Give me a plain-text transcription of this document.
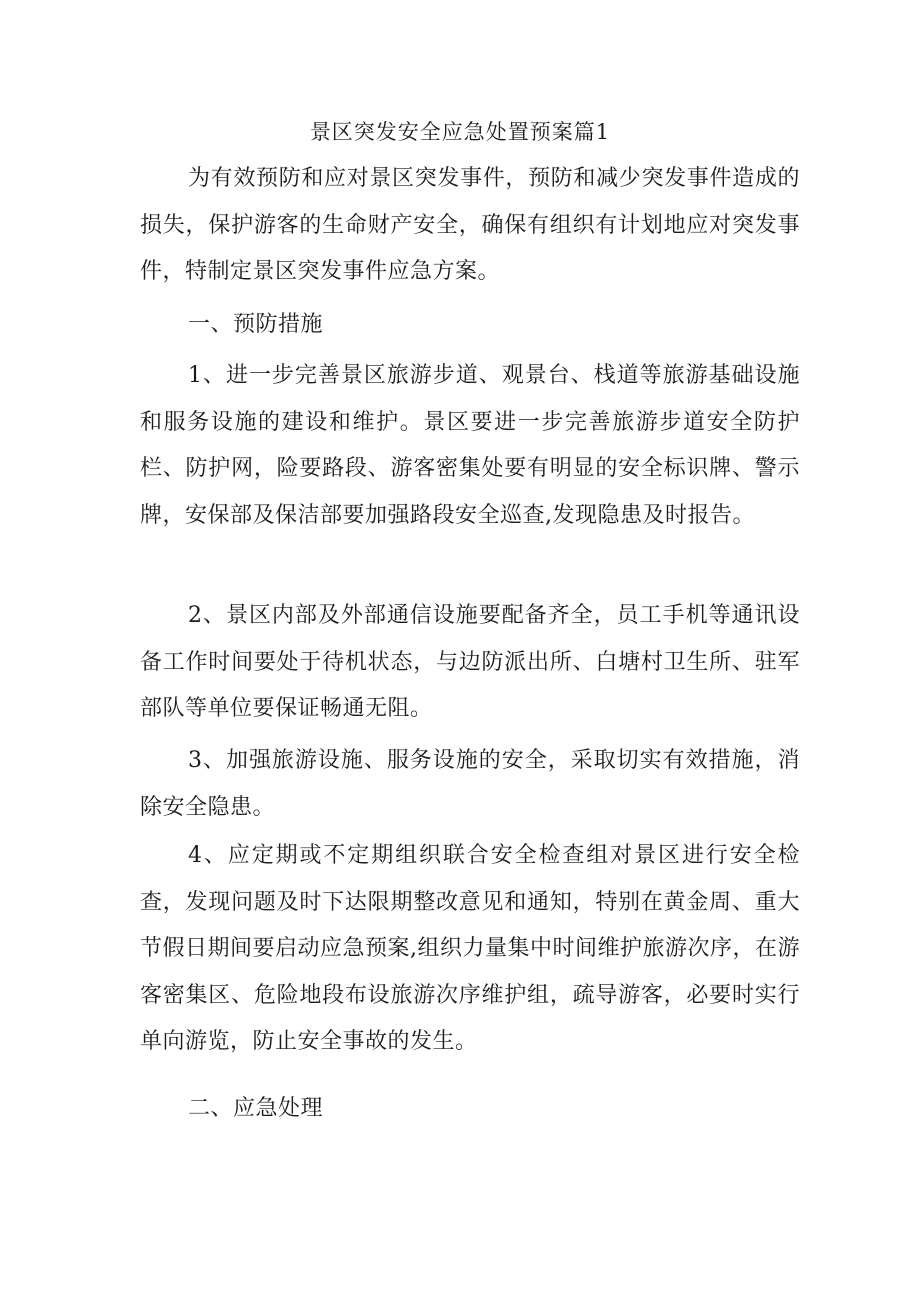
景区突发安全应急处置预案篇1
为有效预防和应对景区突发事件，预防和减少突发事件造成的损失，保护游客的生命财产安全，确保有组织有计划地应对突发事件，特制定景区突发事件应急方案。
一、预防措施
1、进一步完善景区旅游步道、观景台、栈道等旅游基础设施和服务设施的建设和维护。景区要进一步完善旅游步道安全防护栏、防护网，险要路段、游客密集处要有明显的安全标识牌、警示牌，安保部及保洁部要加强路段安全巡查,发现隐患及时报告。
2、景区内部及外部通信设施要配备齐全，员工手机等通讯设备工作时间要处于待机状态，与边防派出所、白塘村卫生所、驻军部队等单位要保证畅通无阻。
3、加强旅游设施、服务设施的安全，采取切实有效措施，消除安全隐患。
4、应定期或不定期组织联合安全检查组对景区进行安全检查，发现问题及时下达限期整改意见和通知，特别在黄金周、重大节假日期间要启动应急预案,组织力量集中时间维护旅游次序，在游客密集区、危险地段布设旅游次序维护组，疏导游客，必要时实行单向游览，防止安全事故的发生。
二、应急处理
